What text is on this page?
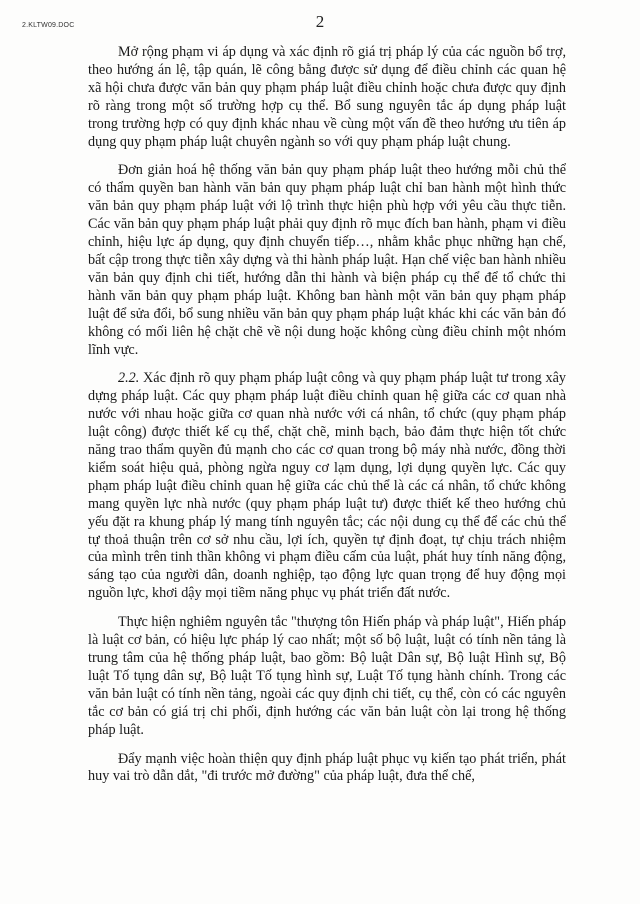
2.KLTW09.DOC	2

Mở rộng phạm vi áp dụng và xác định rõ giá trị pháp lý của các nguồn bổ trợ, theo hướng án lệ, tập quán, lẽ công bằng được sử dụng để điều chỉnh các quan hệ xã hội chưa được văn bản quy phạm pháp luật điều chỉnh hoặc chưa được quy định rõ ràng trong một số trường hợp cụ thể. Bổ sung nguyên tắc áp dụng pháp luật trong trường hợp có quy định khác nhau về cùng một vấn đề theo hướng ưu tiên áp dụng quy phạm pháp luật chuyên ngành so với quy phạm pháp luật chung.

Đơn giản hoá hệ thống văn bản quy phạm pháp luật theo hướng mỗi chủ thể có thẩm quyền ban hành văn bản quy phạm pháp luật chỉ ban hành một hình thức văn bản quy phạm pháp luật với lộ trình thực hiện phù hợp với yêu cầu thực tiễn. Các văn bản quy phạm pháp luật phải quy định rõ mục đích ban hành, phạm vi điều chỉnh, hiệu lực áp dụng, quy định chuyển tiếp…, nhằm khắc phục những hạn chế, bất cập trong thực tiễn xây dựng và thi hành pháp luật. Hạn chế việc ban hành nhiều văn bản quy định chi tiết, hướng dẫn thi hành và biện pháp cụ thể để tổ chức thi hành văn bản quy phạm pháp luật. Không ban hành một văn bản quy phạm pháp luật để sửa đổi, bổ sung nhiều văn bản quy phạm pháp luật khác khi các văn bản đó không có mối liên hệ chặt chẽ về nội dung hoặc không cùng điều chỉnh một nhóm lĩnh vực.

2.2. Xác định rõ quy phạm pháp luật công và quy phạm pháp luật tư trong xây dựng pháp luật. Các quy phạm pháp luật điều chỉnh quan hệ giữa các cơ quan nhà nước với nhau hoặc giữa cơ quan nhà nước với cá nhân, tổ chức (quy phạm pháp luật công) được thiết kế cụ thể, chặt chẽ, minh bạch, bảo đảm thực hiện tốt chức năng trao thẩm quyền đủ mạnh cho các cơ quan trong bộ máy nhà nước, đồng thời kiểm soát hiệu quả, phòng ngừa nguy cơ lạm dụng, lợi dụng quyền lực. Các quy phạm pháp luật điều chỉnh quan hệ giữa các chủ thể là các cá nhân, tổ chức không mang quyền lực nhà nước (quy phạm pháp luật tư) được thiết kế theo hướng chủ yếu đặt ra khung pháp lý mang tính nguyên tắc; các nội dung cụ thể để các chủ thể tự thoả thuận trên cơ sở nhu cầu, lợi ích, quyền tự định đoạt, tự chịu trách nhiệm của mình trên tinh thần không vi phạm điều cấm của luật, phát huy tính năng động, sáng tạo của người dân, doanh nghiệp, tạo động lực quan trọng để huy động mọi nguồn lực, khơi dậy mọi tiềm năng phục vụ phát triển đất nước.

Thực hiện nghiêm nguyên tắc "thượng tôn Hiến pháp và pháp luật", Hiến pháp là luật cơ bản, có hiệu lực pháp lý cao nhất; một số bộ luật, luật có tính nền tảng là trung tâm của hệ thống pháp luật, bao gồm: Bộ luật Dân sự, Bộ luật Hình sự, Bộ luật Tố tụng dân sự, Bộ luật Tố tụng hình sự, Luật Tố tụng hành chính. Trong các văn bản luật có tính nền tảng, ngoài các quy định chi tiết, cụ thể, còn có các nguyên tắc cơ bản có giá trị chi phối, định hướng các văn bản luật còn lại trong hệ thống pháp luật.

Đẩy mạnh việc hoàn thiện quy định pháp luật phục vụ kiến tạo phát triển, phát huy vai trò dẫn dắt, "đi trước mở đường" của pháp luật, đưa thể chế,
